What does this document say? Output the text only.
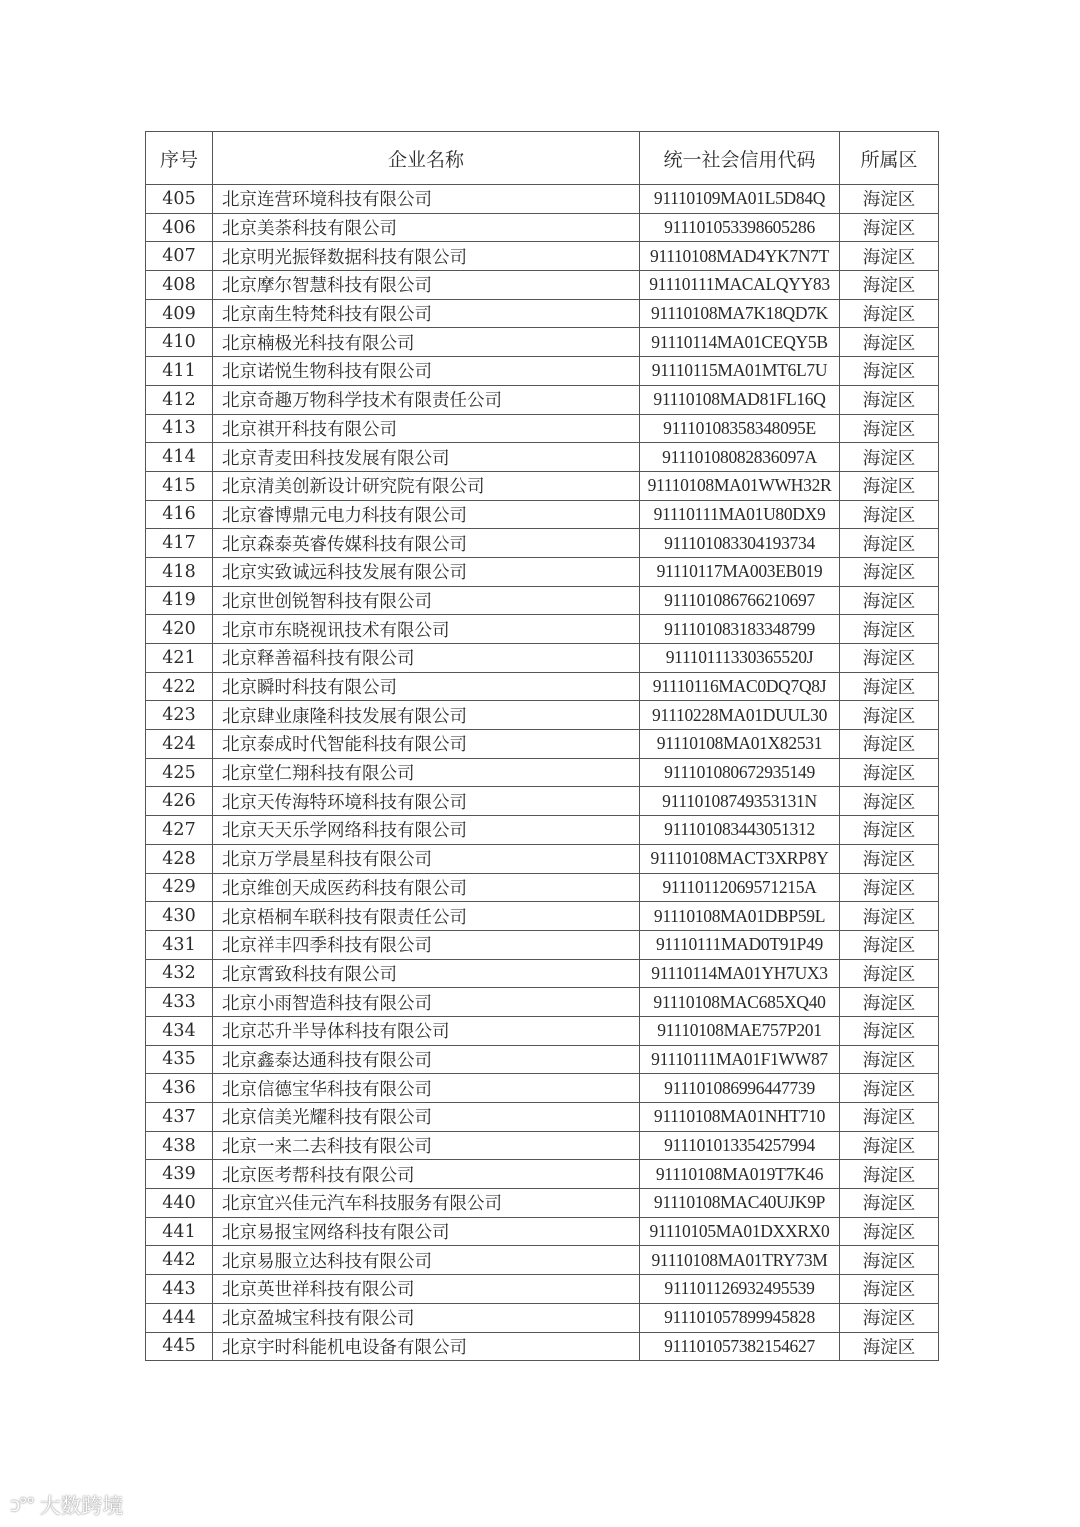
序号	企业名称	统一社会信用代码	所属区
405	北京连营环境科技有限公司	91110109MA01L5D84Q	海淀区
406	北京美荼科技有限公司	911101053398605286	海淀区
407	北京明光振铎数据科技有限公司	91110108MAD4YK7N7T	海淀区
408	北京摩尔智慧科技有限公司	91110111MACALQYY83	海淀区
409	北京南生特梵科技有限公司	91110108MA7K18QD7K	海淀区
410	北京楠极光科技有限公司	91110114MA01CEQY5B	海淀区
411	北京诺悦生物科技有限公司	91110115MA01MT6L7U	海淀区
412	北京奇趣万物科学技术有限责任公司	91110108MAD81FL16Q	海淀区
413	北京祺开科技有限公司	91110108358348095E	海淀区
414	北京青麦田科技发展有限公司	91110108082836097A	海淀区
415	北京清美创新设计研究院有限公司	91110108MA01WWH32R	海淀区
416	北京睿博鼎元电力科技有限公司	91110111MA01U80DX9	海淀区
417	北京森泰英睿传媒科技有限公司	911101083304193734	海淀区
418	北京实致诚远科技发展有限公司	91110117MA003EB019	海淀区
419	北京世创锐智科技有限公司	911101086766210697	海淀区
420	北京市东晓视讯技术有限公司	911101083183348799	海淀区
421	北京释善福科技有限公司	91110111330365520J	海淀区
422	北京瞬时科技有限公司	91110116MAC0DQ7Q8J	海淀区
423	北京肆业康隆科技发展有限公司	91110228MA01DUUL30	海淀区
424	北京泰成时代智能科技有限公司	91110108MA01X82531	海淀区
425	北京堂仁翔科技有限公司	911101080672935149	海淀区
426	北京天传海特环境科技有限公司	91110108749353131N	海淀区
427	北京天天乐学网络科技有限公司	911101083443051312	海淀区
428	北京万学晨星科技有限公司	91110108MACT3XRP8Y	海淀区
429	北京维创天成医药科技有限公司	91110112069571215A	海淀区
430	北京梧桐车联科技有限责任公司	91110108MA01DBP59L	海淀区
431	北京祥丰四季科技有限公司	91110111MAD0T91P49	海淀区
432	北京霄致科技有限公司	91110114MA01YH7UX3	海淀区
433	北京小雨智造科技有限公司	91110108MAC685XQ40	海淀区
434	北京芯升半导体科技有限公司	91110108MAE757P201	海淀区
435	北京鑫泰达通科技有限公司	91110111MA01F1WW87	海淀区
436	北京信德宝华科技有限公司	911101086996447739	海淀区
437	北京信美光耀科技有限公司	91110108MA01NHT710	海淀区
438	北京一来二去科技有限公司	911101013354257994	海淀区
439	北京医考帮科技有限公司	91110108MA019T7K46	海淀区
440	北京宜兴佳元汽车科技服务有限公司	91110108MAC40UJK9P	海淀区
441	北京易报宝网络科技有限公司	91110105MA01DXXRX0	海淀区
442	北京易服立达科技有限公司	91110108MA01TRY73M	海淀区
443	北京英世祥科技有限公司	911101126932495539	海淀区
444	北京盈城宝科技有限公司	911101057899945828	海淀区
445	北京宇时科能机电设备有限公司	911101057382154627	海淀区
ↄ°° 大数跨境
